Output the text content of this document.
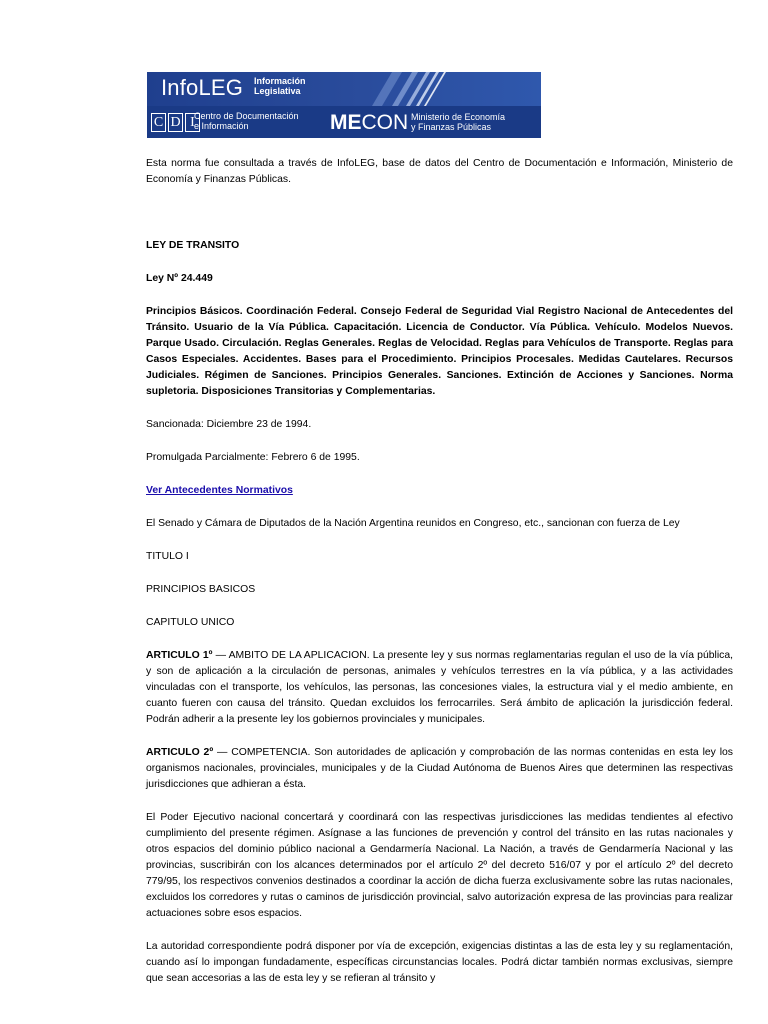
InfoLEG Información
Legislativa
C D I Centro de Documentación
e Información	MECON Ministerio de Economía
y Finanzas Públicas

Esta norma fue consultada a través de InfoLEG, base de datos del Centro de Documentación e Información, Ministerio de Economía y Finanzas Públicas.

LEY DE TRANSITO

Ley Nº 24.449

Principios Básicos. Coordinación Federal. Consejo Federal de Seguridad Vial Registro Nacional de Antecedentes del Tránsito. Usuario de la Vía Pública. Capacitación. Licencia de Conductor. Vía Pública. Vehículo. Modelos Nuevos. Parque Usado. Circulación. Reglas Generales. Reglas de Velocidad. Reglas para Vehículos de Transporte. Reglas para Casos Especiales. Accidentes. Bases para el Procedimiento. Principios Procesales. Medidas Cautelares. Recursos Judiciales. Régimen de Sanciones. Principios Generales. Sanciones. Extinción de Acciones y Sanciones. Norma supletoria. Disposiciones Transitorias y Complementarias.

Sancionada: Diciembre 23 de 1994.

Promulgada Parcialmente: Febrero 6 de 1995.

Ver Antecedentes Normativos

El Senado y Cámara de Diputados de la Nación Argentina reunidos en Congreso, etc., sancionan con fuerza de Ley

TITULO I

PRINCIPIOS BASICOS

CAPITULO UNICO

ARTICULO 1º — AMBITO DE LA APLICACION. La presente ley y sus normas reglamentarias regulan el uso de la vía pública, y son de aplicación a la circulación de personas, animales y vehículos terrestres en la vía pública, y a las actividades vinculadas con el transporte, los vehículos, las personas, las concesiones viales, la estructura vial y el medio ambiente, en cuanto fueren con causa del tránsito. Quedan excluidos los ferrocarriles. Será ámbito de aplicación la jurisdicción federal. Podrán adherir a la presente ley los gobiernos provinciales y municipales.

ARTICULO 2º — COMPETENCIA. Son autoridades de aplicación y comprobación de las normas contenidas en esta ley los organismos nacionales, provinciales, municipales y de la Ciudad Autónoma de Buenos Aires que determinen las respectivas jurisdicciones que adhieran a ésta.

El Poder Ejecutivo nacional concertará y coordinará con las respectivas jurisdicciones las medidas tendientes al efectivo cumplimiento del presente régimen. Asígnase a las funciones de prevención y control del tránsito en las rutas nacionales y otros espacios del dominio público nacional a Gendarmería Nacional. La Nación, a través de Gendarmería Nacional y las provincias, suscribirán con los alcances determinados por el artículo 2º del decreto 516/07 y por el artículo 2º del decreto 779/95, los respectivos convenios destinados a coordinar la acción de dicha fuerza exclusivamente sobre las rutas nacionales, excluidos los corredores y rutas o caminos de jurisdicción provincial, salvo autorización expresa de las provincias para realizar actuaciones sobre esos espacios.

La autoridad correspondiente podrá disponer por vía de excepción, exigencias distintas a las de esta ley y su reglamentación, cuando así lo impongan fundadamente, específicas circunstancias locales. Podrá dictar también normas exclusivas, siempre que sean accesorias a las de esta ley y se refieran al tránsito y
